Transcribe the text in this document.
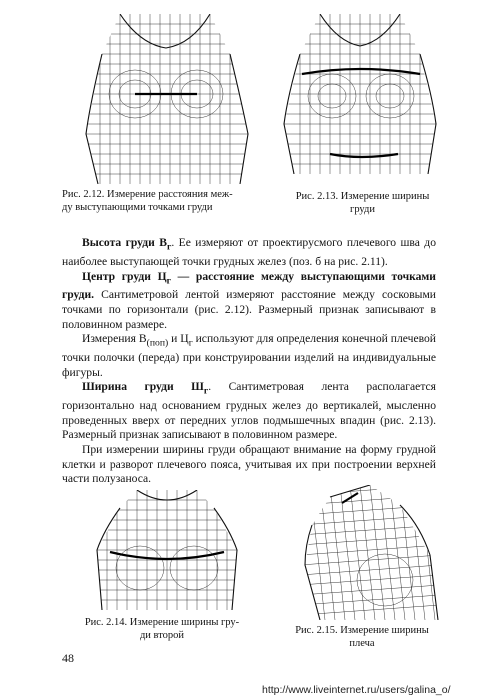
Рис. 2.12. Измерение расстояния меж-
ду выступающими точками груди
Рис. 2.13. Измерение ширины
груди

Высота груди $В_г$. Ее измеряют от проектирусмого плечевого шва до наиболее выступающей точки грудных желез (поз. б на рис. 2.11).

Центр груди $Ц_г$ — расстояние между выступающими точками груди. Сантиметровой лентой измеряют расстояние между сосковыми точками по горизонтали (рис. 2.12). Размерный признак записывают в половинном размере.

Измерения $В_{(поп)}$ и $Ц_г$ используют для определения конечной плечевой точки полочки (переда) при конструировании изделий на индивидуальные фигуры.

Ширина груди $Ш_г$. Сантиметровая лента располагается горизонтально над основанием грудных желез до вертикалей, мысленно проведенных вверх от передних углов подмышечных впадин (рис. 2.13). Размерный признак записывают в половинном размере.

При измерении ширины груди обращают внимание на форму грудной клетки и разворот плечевого пояса, учитывая их при построении верхней части полузаноса.

Рис. 2.14. Измерение ширины гру-
ди второй	Рис. 2.15. Измерение ширины
плеча
48
http://www.liveinternet.ru/users/galina_o/
